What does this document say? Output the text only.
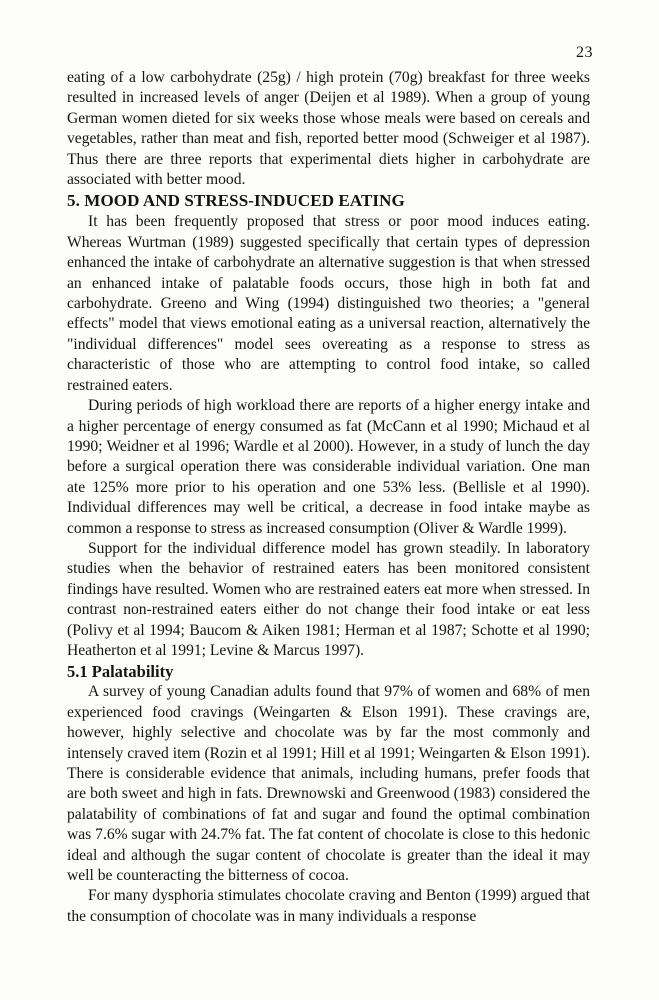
23

eating of a low carbohydrate (25g) / high protein (70g) breakfast for three weeks resulted in increased levels of anger (Deijen et al 1989). When a group of young German women dieted for six weeks those whose meals were based on cereals and vegetables, rather than meat and fish, reported better mood (Schweiger et al 1987). Thus there are three reports that experimental diets higher in carbohydrate are associated with better mood.

5. MOOD AND STRESS-INDUCED EATING

It has been frequently proposed that stress or poor mood induces eating. Whereas Wurtman (1989) suggested specifically that certain types of depression enhanced the intake of carbohydrate an alternative suggestion is that when stressed an enhanced intake of palatable foods occurs, those high in both fat and carbohydrate. Greeno and Wing (1994) distinguished two theories; a "general effects" model that views emotional eating as a universal reaction, alternatively the "individual differences" model sees overeating as a response to stress as characteristic of those who are attempting to control food intake, so called restrained eaters.

During periods of high workload there are reports of a higher energy intake and a higher percentage of energy consumed as fat (McCann et al 1990; Michaud et al 1990; Weidner et al 1996; Wardle et al 2000). However, in a study of lunch the day before a surgical operation there was considerable individual variation. One man ate 125% more prior to his operation and one 53% less. (Bellisle et al 1990). Individual differences may well be critical, a decrease in food intake maybe as common a response to stress as increased consumption (Oliver & Wardle 1999).

Support for the individual difference model has grown steadily. In laboratory studies when the behavior of restrained eaters has been monitored consistent findings have resulted. Women who are restrained eaters eat more when stressed. In contrast non-restrained eaters either do not change their food intake or eat less (Polivy et al 1994; Baucom & Aiken 1981; Herman et al 1987; Schotte et al 1990; Heatherton et al 1991; Levine & Marcus 1997).

5.1 Palatability

A survey of young Canadian adults found that 97% of women and 68% of men experienced food cravings (Weingarten & Elson 1991). These cravings are, however, highly selective and chocolate was by far the most commonly and intensely craved item (Rozin et al 1991; Hill et al 1991; Weingarten & Elson 1991). There is considerable evidence that animals, including humans, prefer foods that are both sweet and high in fats. Drewnowski and Greenwood (1983) considered the palatability of combinations of fat and sugar and found the optimal combination was 7.6% sugar with 24.7% fat. The fat content of chocolate is close to this hedonic ideal and although the sugar content of chocolate is greater than the ideal it may well be counteracting the bitterness of cocoa.

For many dysphoria stimulates chocolate craving and Benton (1999) argued that the consumption of chocolate was in many individuals a response
